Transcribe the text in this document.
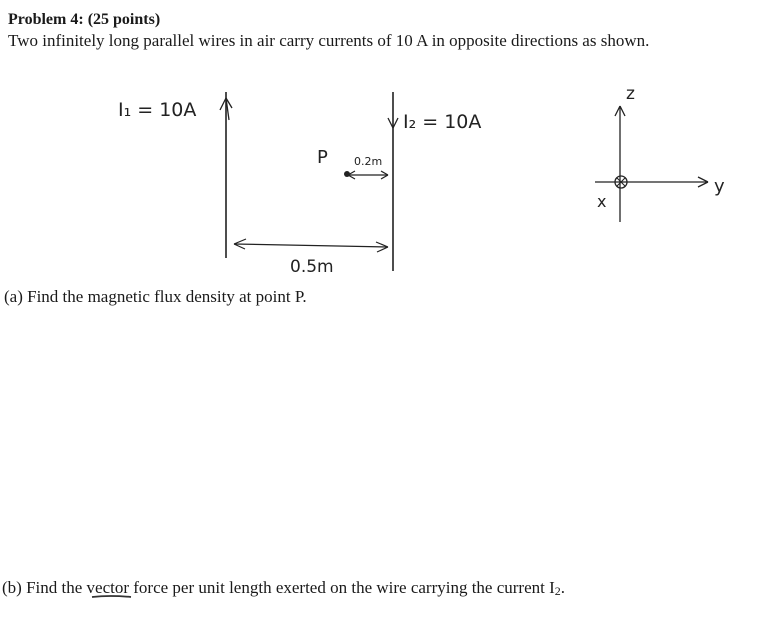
Problem 4: (25 points)
Two infinitely long parallel wires in air carry currents of 10 A in opposite directions as shown.
I₁ = 10A
I₂ = 10A
P 0.2m
0.5m
z
y
x
(a) Find the magnetic flux density at point P.
(b) Find the vector force per unit length exerted on the wire carrying the current I2.
